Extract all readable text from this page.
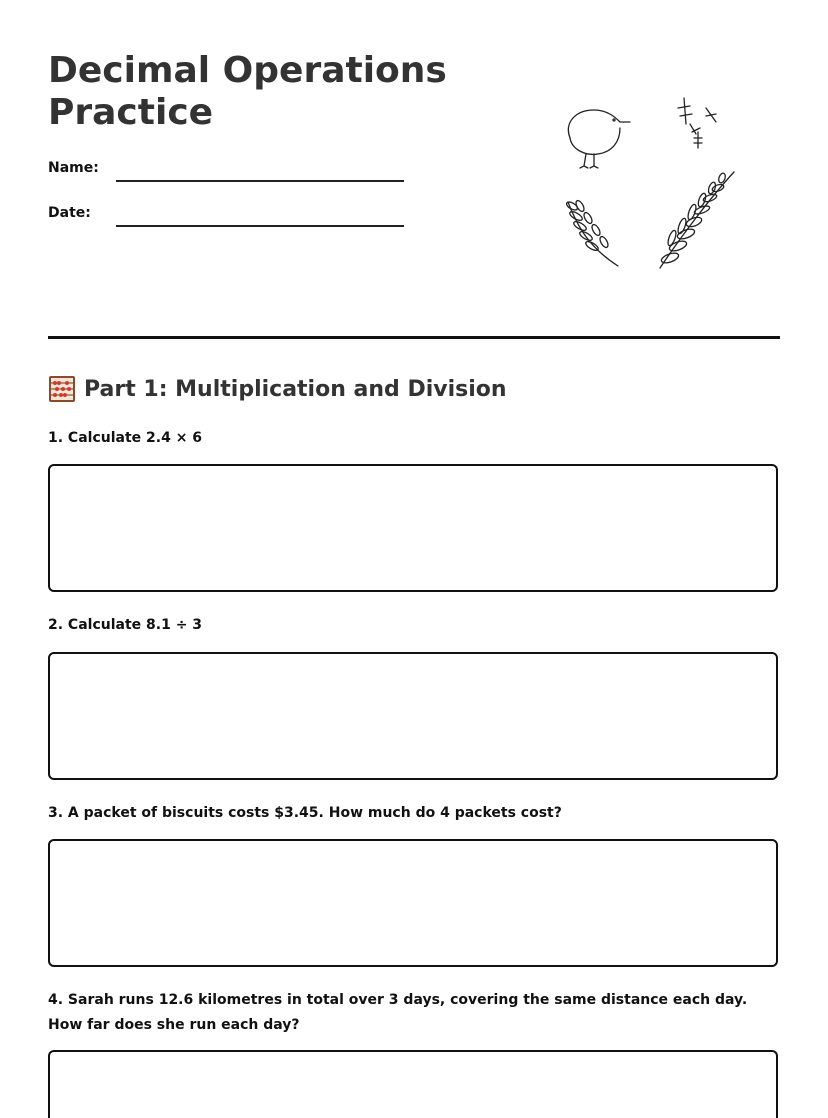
Decimal Operations Practice
Name:
Date:
Part 1: Multiplication and Division
1. Calculate 2.4 × 6
2. Calculate 8.1 ÷ 3
3. A packet of biscuits costs $3.45. How much do 4 packets cost?
4. Sarah runs 12.6 kilometres in total over 3 days, covering the same distance each day. How far does she run each day?
